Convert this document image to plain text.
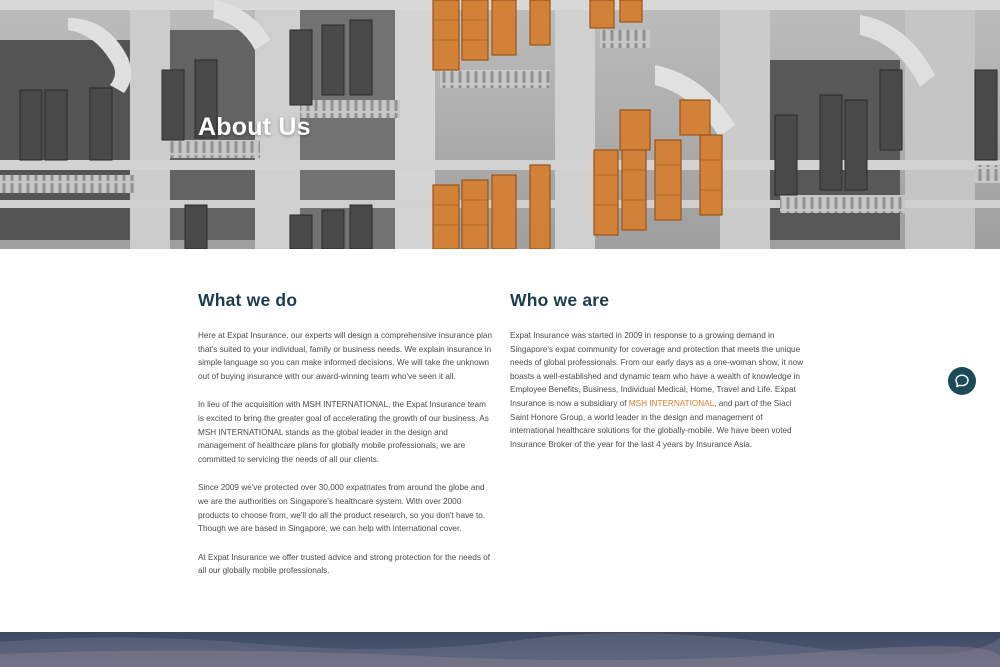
About Us
What we do

Here at Expat Insurance, our experts will design a comprehensive insurance plan that's suited to your individual, family or business needs. We explain insurance in simple language so you can make informed decisions. We will take the unknown out of buying insurance with our award-winning team who've seen it all.

In lieu of the acquisition with MSH INTERNATIONAL, the Expat Insurance team is excited to bring the greater goal of accelerating the growth of our business. As MSH INTERNATIONAL stands as the global leader in the design and management of healthcare plans for globally mobile professionals, we are committed to servicing the needs of all our clients.

Since 2009 we've protected over 30,000 expatriates from around the globe and we are the authorities on Singapore's healthcare system. With over 2000 products to choose from, we'll do all the product research, so you don't have to. Though we are based in Singapore, we can help with international cover.

At Expat Insurance we offer trusted advice and strong protection for the needs of all our globally mobile professionals.

Who we are

Expat Insurance was started in 2009 in response to a growing demand in Singapore's expat community for coverage and protection that meets the unique needs of global professionals. From our early days as a one-woman show, it now boasts a well-established and dynamic team who have a wealth of knowledge in Employee Benefits, Business, Individual Medical, Home, Travel and Life. Expat Insurance is now a subsidiary of MSH INTERNATIONAL, and part of the Siaci Saint Honore Group, a world leader in the design and management of international healthcare solutions for the globally-mobile. We have been voted Insurance Broker of the year for the last 4 years by Insurance Asia.
